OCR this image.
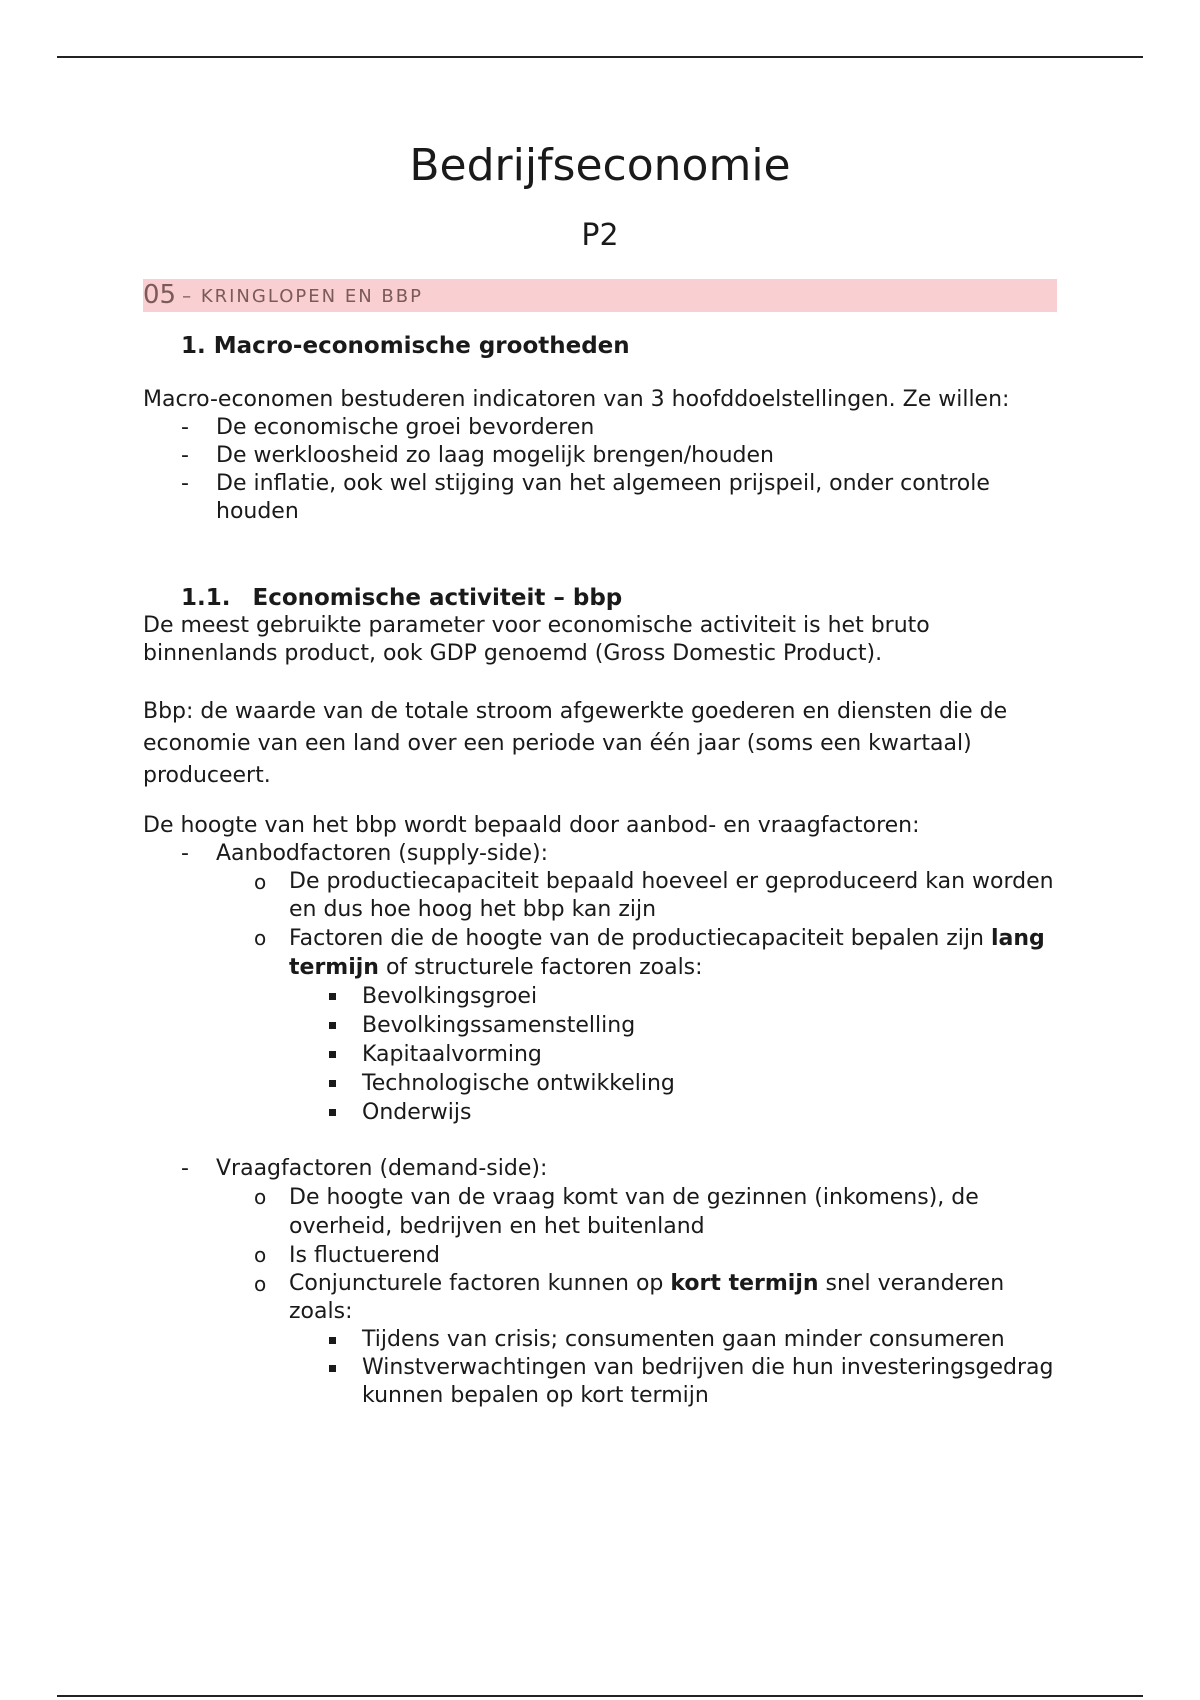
Bedrijfseconomie
P2
05 – KRINGLOPEN EN BBP
1. Macro-economische grootheden

Macro-economen bestuderen indicatoren van 3 hoofddoelstellingen. Ze willen:

- De economische groei bevorderen
- De werkloosheid zo laag mogelijk brengen/houden
- De inflatie, ook wel stijging van het algemeen prijspeil, onder controle houden
1.1. Economische activiteit – bbp

De meest gebruikte parameter voor economische activiteit is het bruto binnenlands product, ook GDP genoemd (Gross Domestic Product).

Bbp: de waarde van de totale stroom afgewerkte goederen en diensten die de economie van een land over een periode van één jaar (soms een kwartaal) produceert.

De hoogte van het bbp wordt bepaald door aanbod- en vraagfactoren:

- Aanbodfactoren (supply-side):
o De productiecapaciteit bepaald hoeveel er geproduceerd kan worden en dus hoe hoog het bbp kan zijn
o Factoren die de hoogte van de productiecapaciteit bepalen zijn lang termijn of structurele factoren zoals:
Bevolkingsgroei
Bevolkingssamenstelling
Kapitaalvorming
Technologische ontwikkeling
Onderwijs
- Vraagfactoren (demand-side):
o De hoogte van de vraag komt van de gezinnen (inkomens), de overheid, bedrijven en het buitenland
o Is fluctuerend
o Conjuncturele factoren kunnen op kort termijn snel veranderen zoals:
Tijdens van crisis; consumenten gaan minder consumeren
Winstverwachtingen van bedrijven die hun investeringsgedrag kunnen bepalen op kort termijn
